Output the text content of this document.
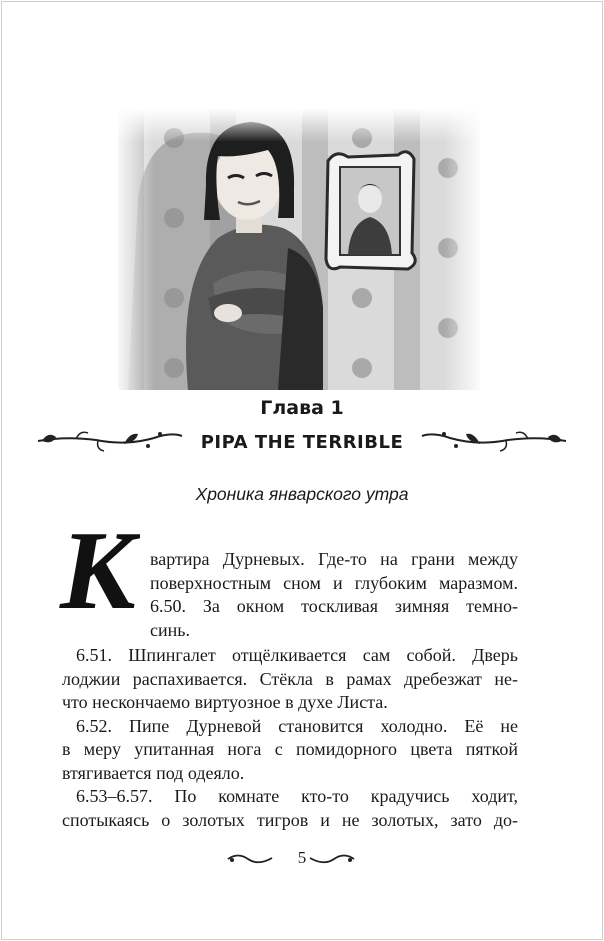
Глава 1
PIPA THE TERRIBLE
Хроника январского утра
К вартира Дурневых. Где-то на грани между
поверхностным сном и глубоким маразмом.
6.50. За окном тоскливая зимняя темно-
синь.
6.51. Шпингалет отщёлкивается сам собой. Дверь
лоджии распахивается. Стёкла в рамах дребезжат не-
что нескончаемо виртуозное в духе Листа.
6.52. Пипе Дурневой становится холодно. Её не
в меру упитанная нога с помидорного цвета пяткой
втягивается под одеяло.
6.53–6.57. По комнате кто-то крадучись ходит,
спотыкаясь о золотых тигров и не золотых, зато до-
5
